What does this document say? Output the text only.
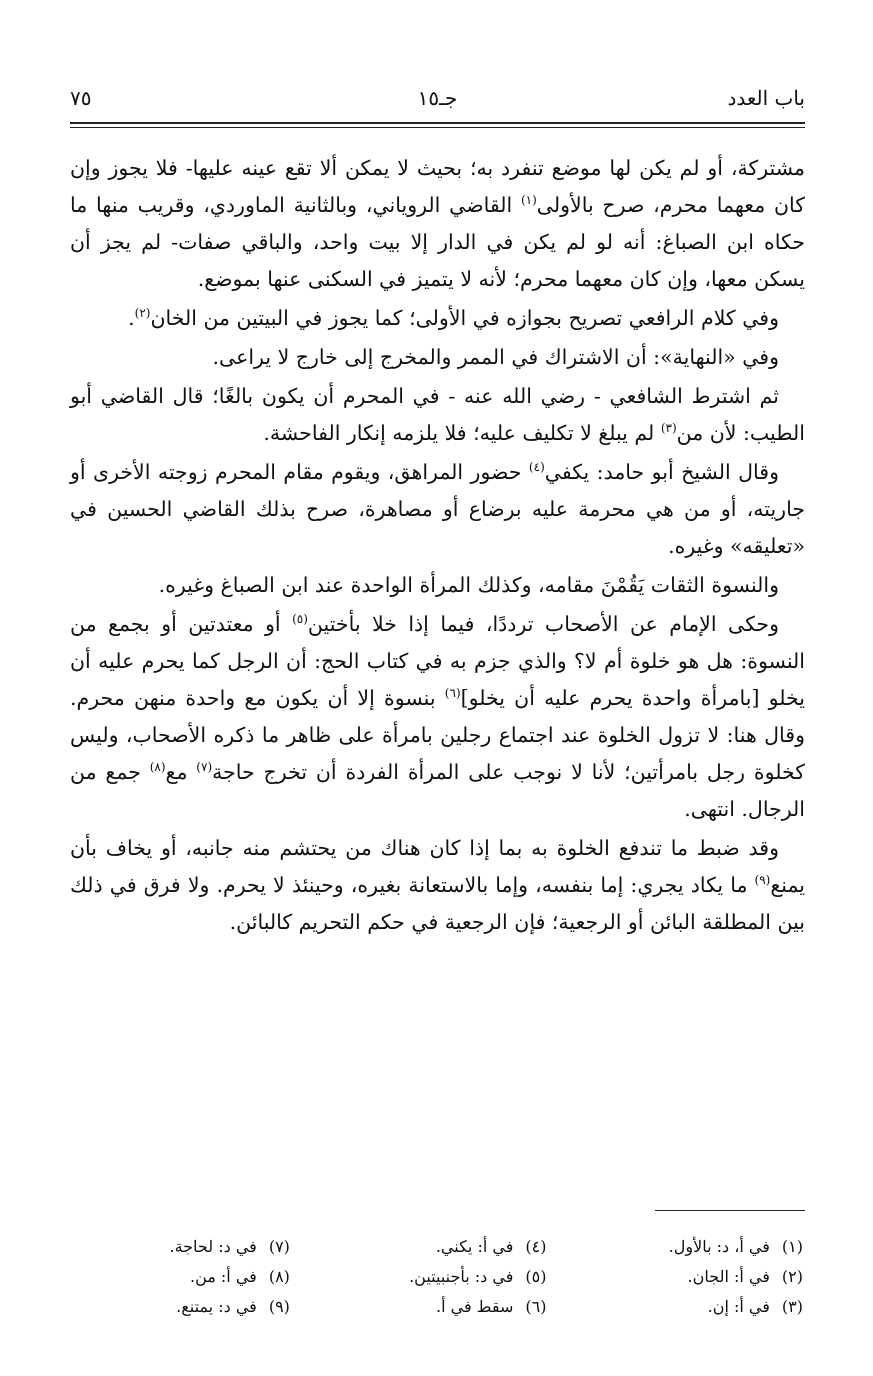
باب العدد
جـ١٥
٧٥

مشتركة، أو لم يكن لها موضع تنفرد به؛ بحيث لا يمكن ألا تقع عينه عليها- فلا يجوز وإن كان معهما محرم، صرح بالأولى$^{(١)}$ القاضي الروياني، وبالثانية الماوردي، وقريب منها ما حكاه ابن الصباغ: أنه لو لم يكن في الدار إلا بيت واحد، والباقي صفات- لم يجز أن يسكن معها، وإن كان معهما محرم؛ لأنه لا يتميز في السكنى عنها بموضع.

وفي كلام الرافعي تصريح بجوازه في الأولى؛ كما يجوز في البيتين من الخان$^{(٢)}$.

وفي «النهاية»: أن الاشتراك في الممر والمخرج إلى خارج لا يراعى.

ثم اشترط الشافعي - رضي الله عنه - في المحرم أن يكون بالغًا؛ قال القاضي أبو الطيب: لأن من$^{(٣)}$ لم يبلغ لا تكليف عليه؛ فلا يلزمه إنكار الفاحشة.

وقال الشيخ أبو حامد: يكفي$^{(٤)}$ حضور المراهق، ويقوم مقام المحرم زوجته الأخرى أو جاريته، أو من هي محرمة عليه برضاع أو مصاهرة، صرح بذلك القاضي الحسين في «تعليقه» وغيره.

والنسوة الثقات يَقُمْنَ مقامه، وكذلك المرأة الواحدة عند ابن الصباغ وغيره.

وحكى الإمام عن الأصحاب ترددًا، فيما إذا خلا بأختين$^{(٥)}$ أو معتدتين أو بجمع من النسوة: هل هو خلوة أم لا؟ والذي جزم به في كتاب الحج: أن الرجل كما يحرم عليه أن يخلو [بامرأة واحدة يحرم عليه أن يخلو]$^{(٦)}$ بنسوة إلا أن يكون مع واحدة منهن محرم. وقال هنا: لا تزول الخلوة عند اجتماع رجلين بامرأة على ظاهر ما ذكره الأصحاب، وليس كخلوة رجل بامرأتين؛ لأنا لا نوجب على المرأة الفردة أن تخرج حاجة$^{(٧)}$ مع$^{(٨)}$ جمع من الرجال. انتهى.

وقد ضبط ما تندفع الخلوة به بما إذا كان هناك من يحتشم منه جانبه، أو يخاف بأن يمنع$^{(٩)}$ ما يكاد يجري: إما بنفسه، وإما بالاستعانة بغيره، وحينئذ لا يحرم. ولا فرق في ذلك بين المطلقة البائن أو الرجعية؛ فإن الرجعية في حكم التحريم كالبائن.

(١)في أ، د: بالأول.
(٢)في أ: الجان.
(٣)في أ: إن.
(٤)في أ: يكني.
(٥)في د: بأجنبيتين.
(٦)سقط في أ.
(٧)في د: لحاجة.
(٨)في أ: من.
(٩)في د: يمتنع.
